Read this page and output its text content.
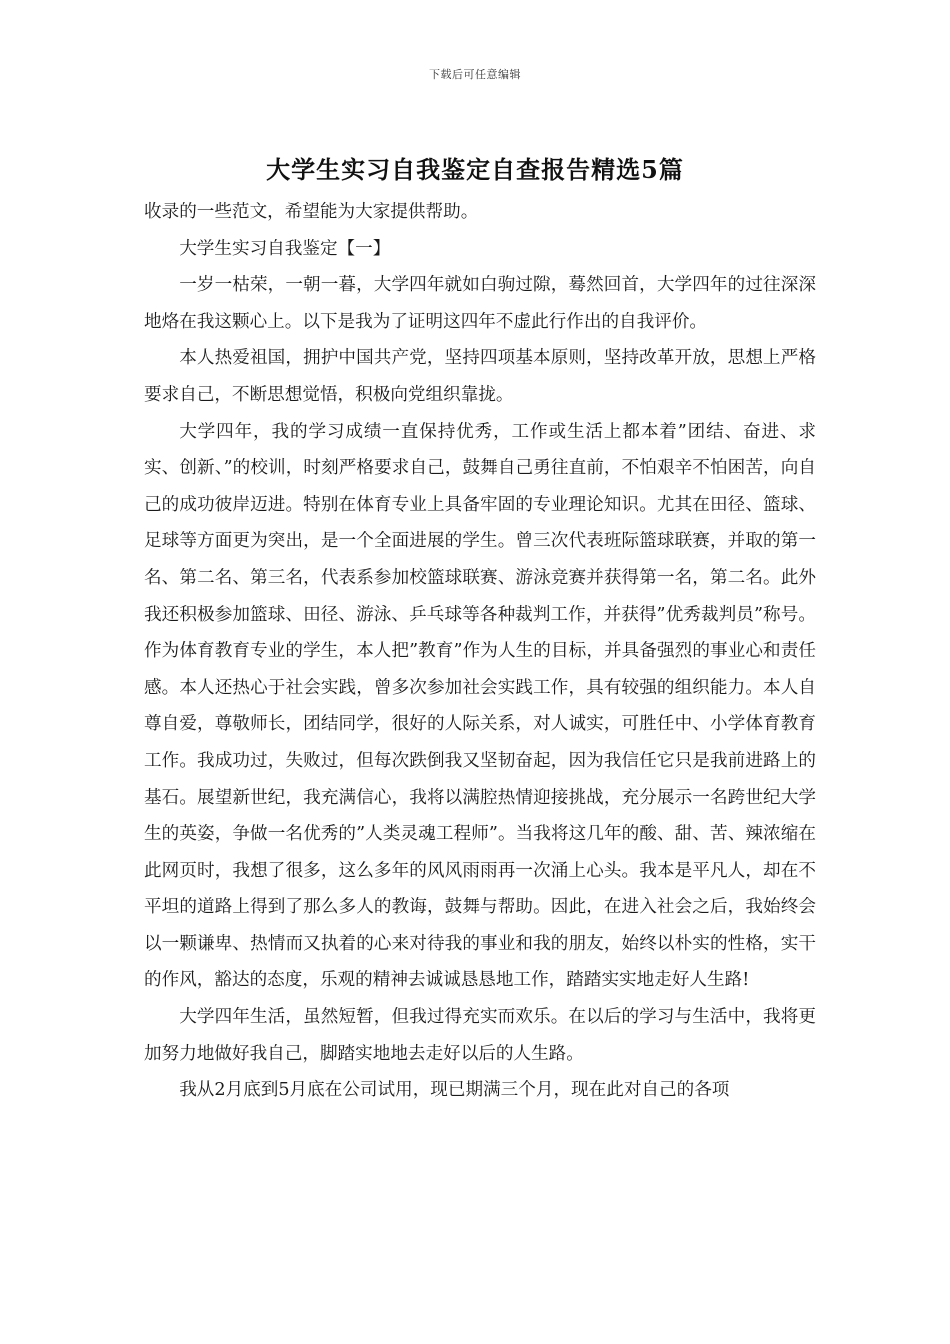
下载后可任意编辑
大学生实习自我鉴定自查报告精选5篇

收录的一些范文，希望能为大家提供帮助。

大学生实习自我鉴定【一】

一岁一枯荣，一朝一暮，大学四年就如白驹过隙，蓦然回首，大学四年的过往深深地烙在我这颗心上。以下是我为了证明这四年不虚此行作出的自我评价。

本人热爱祖国，拥护中国共产党，坚持四项基本原则，坚持改革开放，思想上严格要求自己，不断思想觉悟，积极向党组织靠拢。

大学四年，我的学习成绩一直保持优秀，工作或生活上都本着”团结、奋进、求实、创新、”的校训，时刻严格要求自己，鼓舞自己勇往直前，不怕艰辛不怕困苦，向自己的成功彼岸迈进。特别在体育专业上具备牢固的专业理论知识。尤其在田径、篮球、足球等方面更为突出，是一个全面进展的学生。曾三次代表班际篮球联赛，并取的第一名、第二名、第三名，代表系参加校篮球联赛、游泳竞赛并获得第一名，第二名。此外我还积极参加篮球、田径、游泳、乒乓球等各种裁判工作，并获得”优秀裁判员”称号。作为体育教育专业的学生，本人把”教育”作为人生的目标，并具备强烈的事业心和责任感。本人还热心于社会实践，曾多次参加社会实践工作，具有较强的组织能力。本人自尊自爱，尊敬师长，团结同学，很好的人际关系，对人诚实，可胜任中、小学体育教育工作。我成功过，失败过，但每次跌倒我又坚韧奋起，因为我信任它只是我前进路上的基石。展望新世纪，我充满信心，我将以满腔热情迎接挑战，充分展示一名跨世纪大学生的英姿，争做一名优秀的”人类灵魂工程师”。当我将这几年的酸、甜、苦、辣浓缩在此网页时，我想了很多，这么多年的风风雨雨再一次涌上心头。我本是平凡人，却在不平坦的道路上得到了那么多人的教诲，鼓舞与帮助。因此，在进入社会之后，我始终会以一颗谦卑、热情而又执着的心来对待我的事业和我的朋友，始终以朴实的性格，实干的作风，豁达的态度，乐观的精神去诚诚恳恳地工作，踏踏实实地走好人生路!

大学四年生活，虽然短暂，但我过得充实而欢乐。在以后的学习与生活中，我将更加努力地做好我自己，脚踏实地地去走好以后的人生路。

我从2月底到5月底在公司试用，现已期满三个月，现在此对自己的各项
